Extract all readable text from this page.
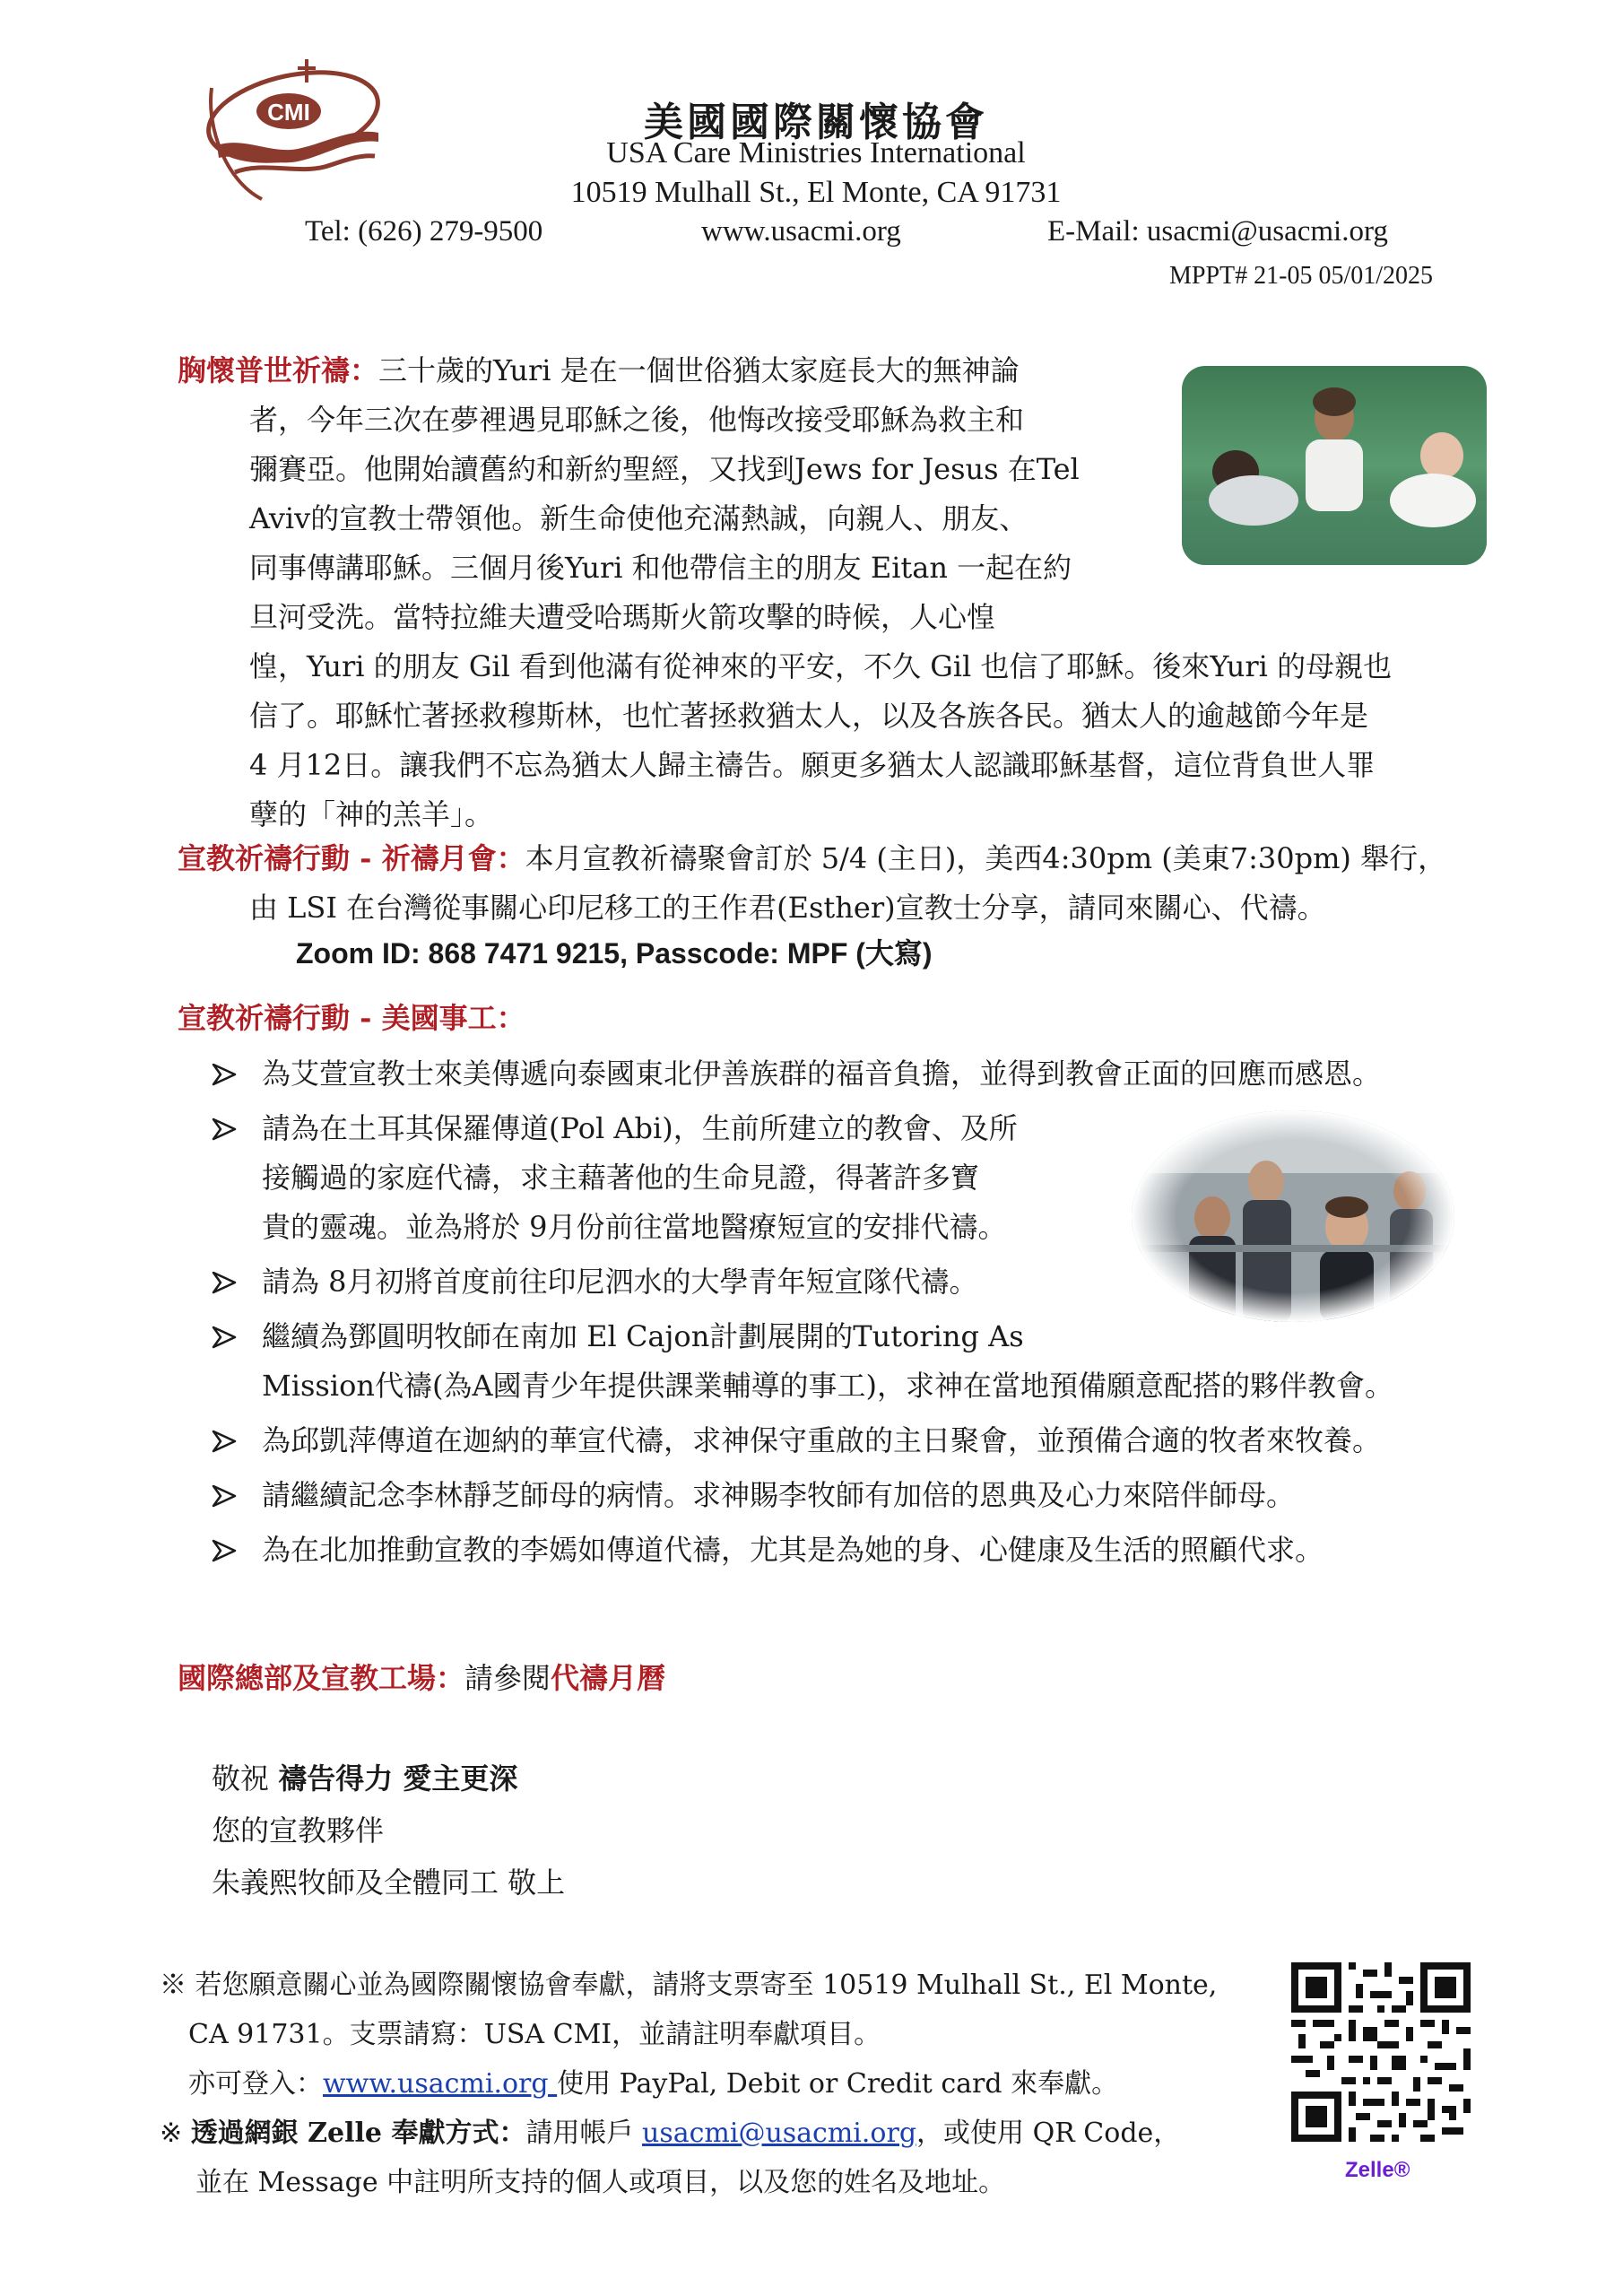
CMI	美國國際關懷協會
USA Care Ministries International
10519 Mulhall St., El Monte, CA 91731
Tel: (626) 279-9500	www.usacmi.org	E-Mail: usacmi@usacmi.org
MPPT# 21-05 05/01/2025

胸懷普世祈禱：三十歲的Yuri 是在一個世俗猶太家庭長大的無神論

者，今年三次在夢裡遇見耶穌之後，他悔改接受耶穌為救主和

彌賽亞。他開始讀舊約和新約聖經，又找到Jews for Jesus 在Tel

Aviv的宣教士帶領他。新生命使他充滿熱誠，向親人、朋友、

同事傳講耶穌。三個月後Yuri 和他帶信主的朋友 Eitan 一起在約

旦河受洗。當特拉維夫遭受哈瑪斯火箭攻擊的時候，人心惶

惶，Yuri 的朋友 Gil 看到他滿有從神來的平安，不久 Gil 也信了耶穌。後來Yuri 的母親也

信了。耶穌忙著拯救穆斯林，也忙著拯救猶太人，以及各族各民。猶太人的逾越節今年是

4 月12日。讓我們不忘為猶太人歸主禱告。願更多猶太人認識耶穌基督，這位背負世人罪

孽的「神的羔羊」。

宣教祈禱行動 - 祈禱月會：本月宣教祈禱聚會訂於 5/4 (主日)，美西4:30pm (美東7:30pm) 舉行，

由 LSI 在台灣從事關心印尼移工的王作君(Esther)宣教士分享，請同來關心、代禱。

Zoom ID: 868 7471 9215, Passcode: MPF (大寫)
宣教祈禱行動 - 美國事工：

為艾萱宣教士來美傳遞向泰國東北伊善族群的福音負擔，並得到教會正面的回應而感恩。

請為在土耳其保羅傳道(Pol Abi)，生前所建立的教會、及所

接觸過的家庭代禱，求主藉著他的生命見證，得著許多寶

貴的靈魂。並為將於 9月份前往當地醫療短宣的安排代禱。

請為 8月初將首度前往印尼泗水的大學青年短宣隊代禱。

繼續為鄧圓明牧師在南加 El Cajon計劃展開的Tutoring As

Mission代禱(為A國青少年提供課業輔導的事工)，求神在當地預備願意配搭的夥伴教會。

為邱凱萍傳道在迦納的華宣代禱，求神保守重啟的主日聚會，並預備合適的牧者來牧養。

請繼續記念李林靜芝師母的病情。求神賜李牧師有加倍的恩典及心力來陪伴師母。

為在北加推動宣教的李嫣如傳道代禱，尤其是為她的身、心健康及生活的照顧代求。

國際總部及宣教工場：請參閱代禱月曆

敬祝 禱告得力 愛主更深

您的宣教夥伴

朱義熙牧師及全體同工 敬上

※ 若您願意關心並為國際關懷協會奉獻，請將支票寄至 10519 Mulhall St., El Monte,

CA 91731。支票請寫：USA CMI，並請註明奉獻項目。

亦可登入：www.usacmi.org 使用 PayPal, Debit or Credit card 來奉獻。

※ 透過網銀 Zelle 奉獻方式：請用帳戶 usacmi@usacmi.org，或使用 QR Code，

並在 Message 中註明所支持的個人或項目，以及您的姓名及地址。	Zelle®
